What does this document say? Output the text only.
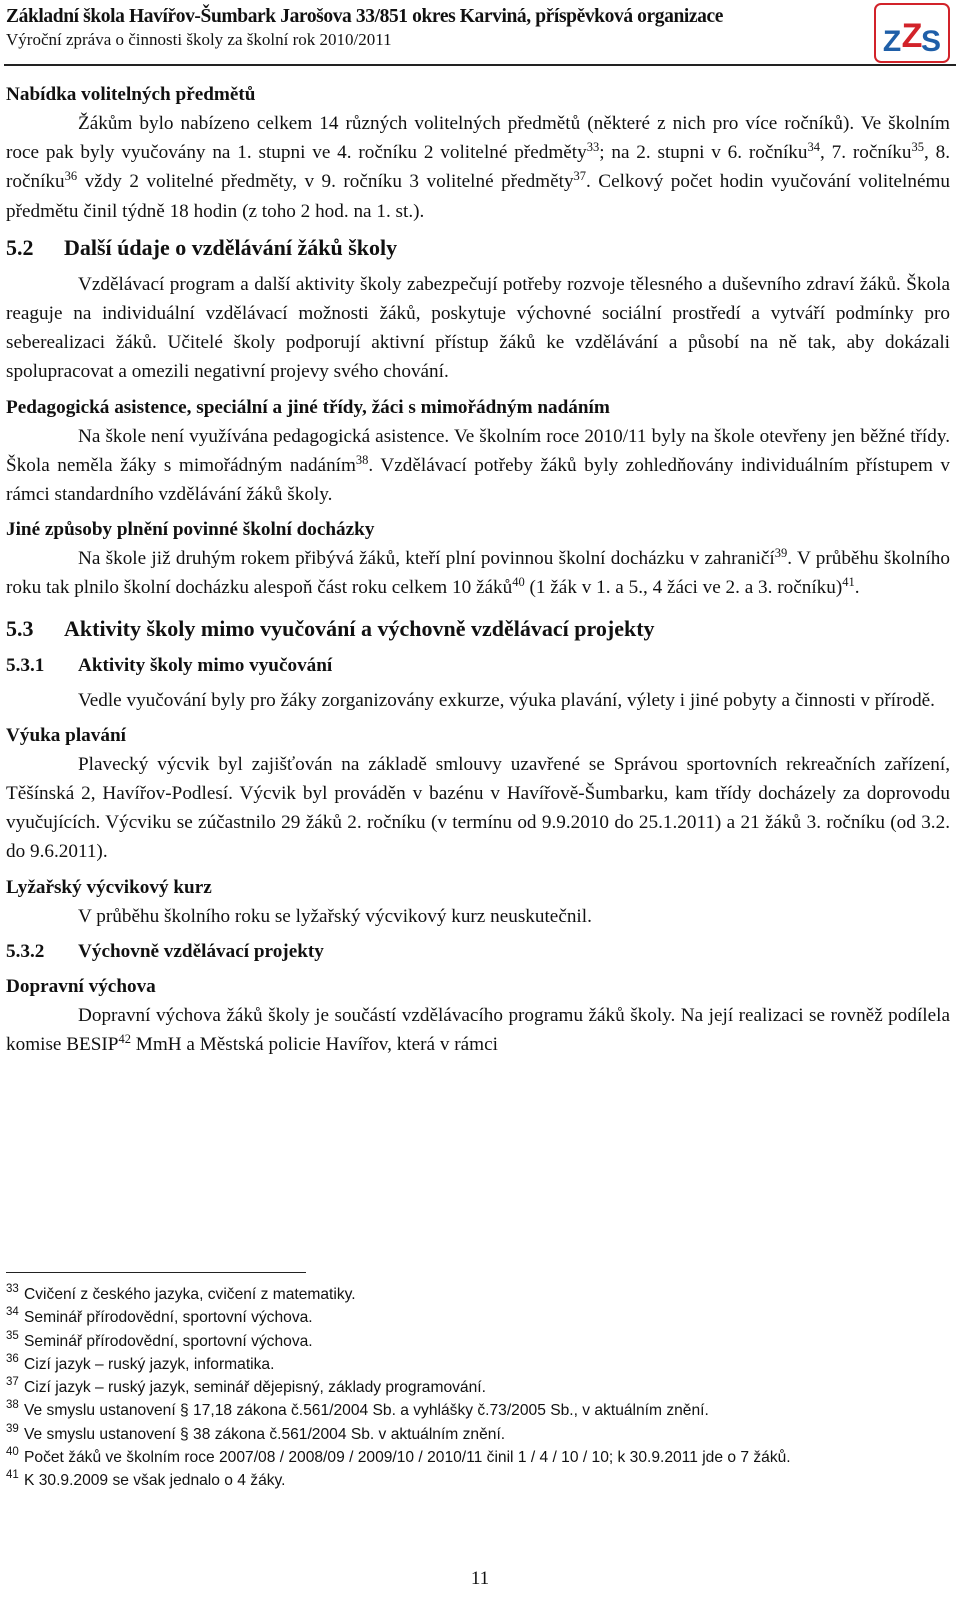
Základní škola Havířov-Šumbark Jarošova 33/851 okres Karviná, příspěvková organizace
Výroční zpráva o činnosti školy za školní rok 2010/2011	Z
Z S
Nabídka volitelných předmětů

Žákům bylo nabízeno celkem 14 různých volitelných předmětů (některé z nich pro více ročníků). Ve školním roce pak byly vyučovány na 1. stupni ve 4. ročníku 2 volitelné předměty$^{33}$; na 2. stupni v 6. ročníku$^{34}$, 7. ročníku$^{35}$, 8. ročníku$^{36}$ vždy 2 volitelné předměty, v 9. ročníku 3 volitelné předměty$^{37}$. Celkový počet hodin vyučování volitelnému předmětu činil týdně 18 hodin (z toho 2 hod. na 1. st.).

5.2 Další údaje o vzdělávání žáků školy

Vzdělávací program a další aktivity školy zabezpečují potřeby rozvoje tělesného a duševního zdraví žáků. Škola reaguje na individuální vzdělávací možnosti žáků, poskytuje výchovné sociální prostředí a vytváří podmínky pro seberealizaci žáků. Učitelé školy podporují aktivní přístup žáků ke vzdělávání a působí na ně tak, aby dokázali spolupracovat a omezili negativní projevy svého chování.

Pedagogická asistence, speciální a jiné třídy, žáci s mimořádným nadáním

Na škole není využívána pedagogická asistence. Ve školním roce 2010/11 byly na škole otevřeny jen běžné třídy. Škola neměla žáky s mimořádným nadáním$^{38}$. Vzdělávací potřeby žáků byly zohledňovány individuálním přístupem v rámci standardního vzdělávání žáků školy.

Jiné způsoby plnění povinné školní docházky

Na škole již druhým rokem přibývá žáků, kteří plní povinnou školní docházku v zahraničí$^{39}$. V průběhu školního roku tak plnilo školní docházku alespoň část roku celkem 10 žáků$^{40}$ (1 žák v 1. a 5., 4 žáci ve 2. a 3. ročníku)$^{41}$.

5.3 Aktivity školy mimo vyučování a výchovně vzdělávací projekty
5.3.1 Aktivity školy mimo vyučování

Vedle vyučování byly pro žáky zorganizovány exkurze, výuka plavání, výlety i jiné pobyty a činnosti v přírodě.

Výuka plavání

Plavecký výcvik byl zajišťován na základě smlouvy uzavřené se Správou sportovních rekreačních zařízení, Těšínská 2, Havířov-Podlesí. Výcvik byl prováděn v bazénu v Havířově-Šumbarku, kam třídy docházely za doprovodu vyučujících. Výcviku se zúčastnilo 29 žáků 2. ročníku (v termínu od 9.9.2010 do 25.1.2011) a 21 žáků 3. ročníku (od 3.2. do 9.6.2011).

Lyžařský výcvikový kurz

V průběhu školního roku se lyžařský výcvikový kurz neuskutečnil.

5.3.2 Výchovně vzdělávací projekty
Dopravní výchova

Dopravní výchova žáků školy je součástí vzdělávacího programu žáků školy. Na její realizaci se rovněž podílela komise BESIP$^{42}$ MmH a Městská policie Havířov, která v rámci

33 Cvičení z českého jazyka, cvičení z matematiky.
34 Seminář přírodovědní, sportovní výchova.
35 Seminář přírodovědní, sportovní výchova.
36 Cizí jazyk – ruský jazyk, informatika.
37 Cizí jazyk – ruský jazyk, seminář dějepisný, základy programování.
38 Ve smyslu ustanovení § 17,18 zákona č.561/2004 Sb. a vyhlášky č.73/2005 Sb., v aktuálním znění.
39 Ve smyslu ustanovení § 38 zákona č.561/2004 Sb. v aktuálním znění.
40 Počet žáků ve školním roce 2007/08 / 2008/09 / 2009/10 / 2010/11 činil 1 / 4 / 10 / 10; k 30.9.2011 jde o 7 žáků.
41 K 30.9.2009 se však jednalo o 4 žáky.
11
